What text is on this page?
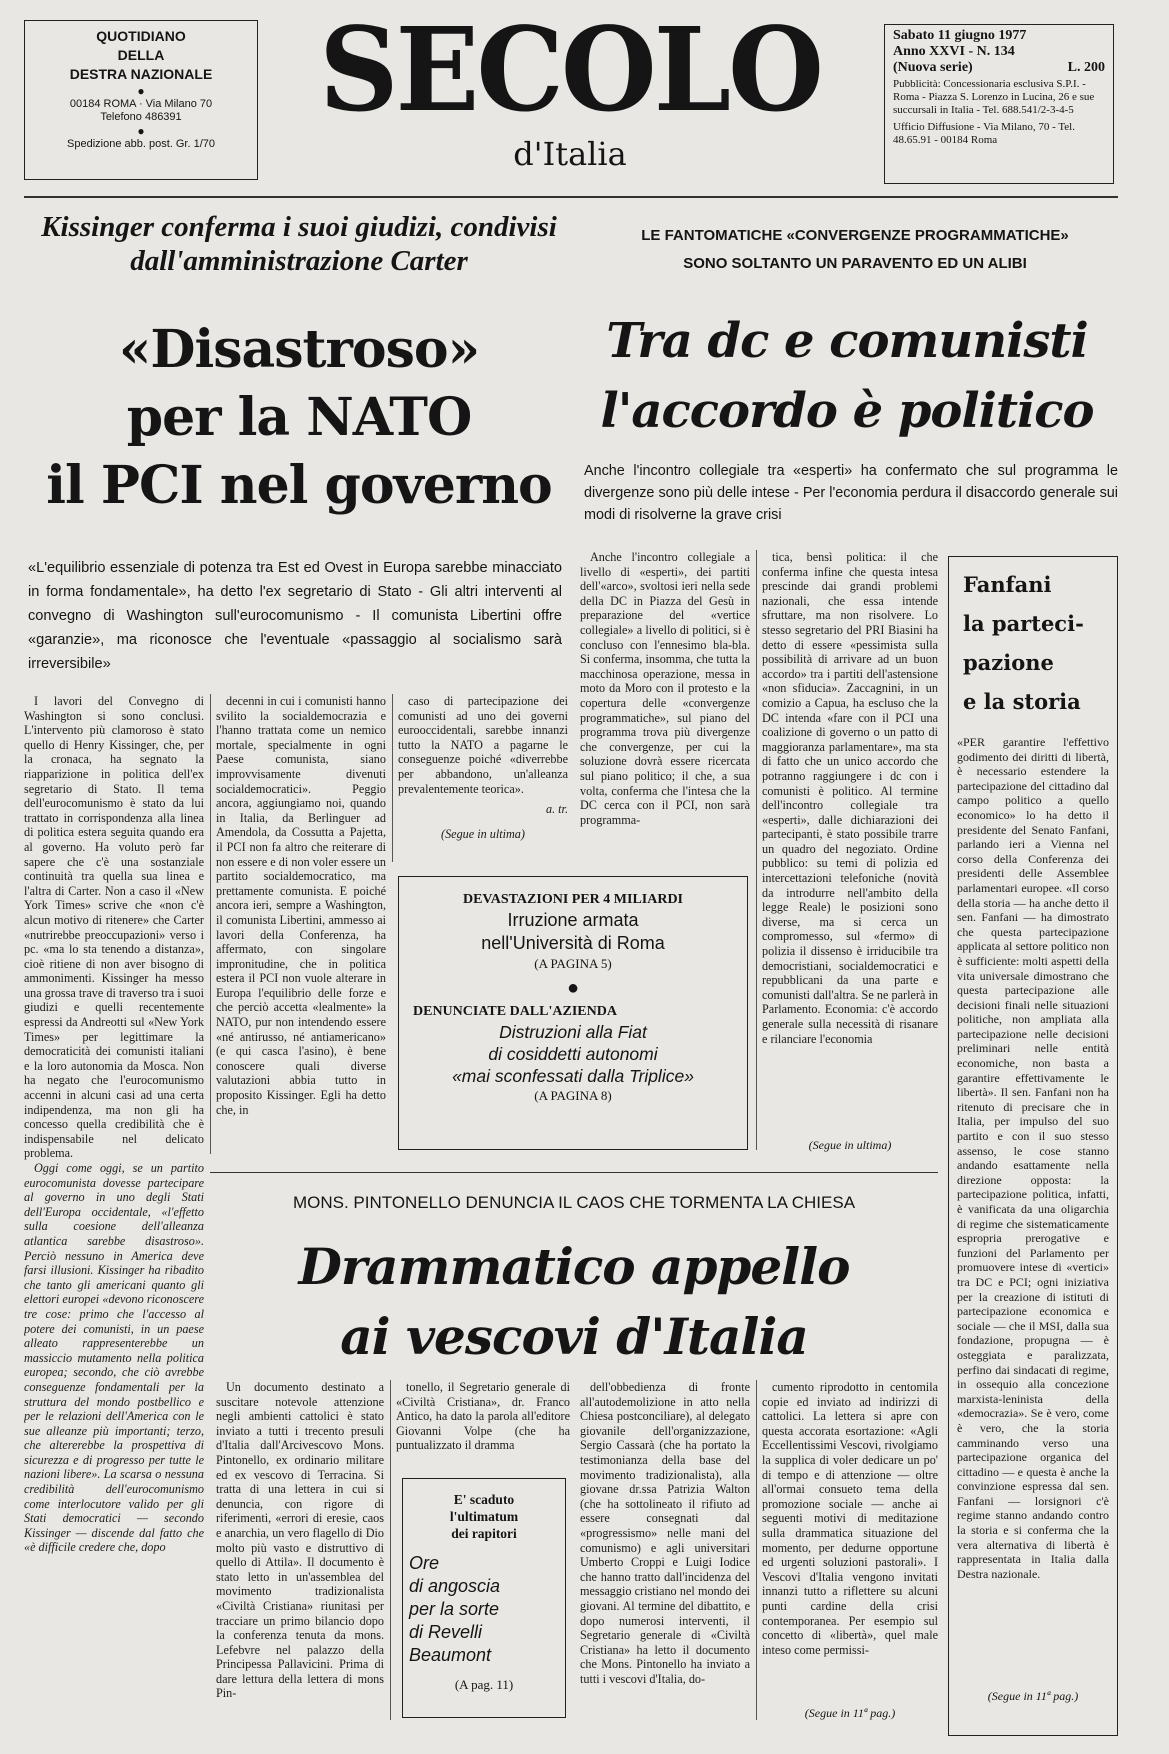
QUOTIDIANO
DELLA
DESTRA NAZIONALE
●
00184 ROMA · Via Milano 70
Telefono 486391
●
Spedizione abb. post. Gr. 1/70
SECOLO
d'Italia
Sabato 11 giugno 1977
Anno XXVI - N. 134
(Nuova serie)	L. 200
Pubblicità: Concessionaria esclusiva S.P.I. - Roma - Piazza S. Lorenzo in Lucina, 26 e sue succursali in Italia - Tel. 688.541/2-3-4-5
Ufficio Diffusione - Via Milano, 70 - Tel. 48.65.91 - 00184 Roma
Kissinger conferma i suoi giudizi, condivisi dall'amministrazione Carter
«Disastroso»
per la NATO
il PCI nel governo
«L'equilibrio essenziale di potenza tra Est ed Ovest in Europa sarebbe minacciato in forma fondamentale», ha detto l'ex segretario di Stato - Gli altri interventi al convegno di Washington sull'eurocomunismo - Il comunista Libertini offre «garanzie», ma riconosce che l'eventuale «passaggio al socialismo sarà irreversibile»

I lavori del Convegno di Washington si sono conclusi. L'intervento più clamoroso è stato quello di Henry Kissinger, che, per la cronaca, ha segnato la riapparizione in politica dell'ex segretario di Stato. Il tema dell'eurocomunismo è stato da lui trattato in corrispondenza alla linea di politica estera seguita quando era al governo. Ha voluto però far sapere che c'è una sostanziale continuità tra quella sua linea e l'altra di Carter. Non a caso il «New York Times» scrive che «non c'è alcun motivo di ritenere» che Carter «nutrirebbe preoccupazioni» verso i pc. «ma lo sta tenendo a distanza», cioè ritiene di non aver bisogno di ammonimenti. Kissinger ha messo una grossa trave di traverso tra i suoi giudizi e quelli recentemente espressi da Andreotti sul «New York Times» per legittimare la democraticità dei comunisti italiani e la loro autonomia da Mosca. Non ha negato che l'eurocomunismo accenni in alcuni casi ad una certa indipendenza, ma non gli ha concesso quella credibilità che è indispensabile nel delicato problema.

Oggi come oggi, se un partito eurocomunista dovesse partecipare al governo in uno degli Stati dell'Europa occidentale, «l'effetto sulla coesione dell'alleanza atlantica sarebbe disastroso». Perciò nessuno in America deve farsi illusioni. Kissinger ha ribadito che tanto gli americani quanto gli elettori europei «devono riconoscere tre cose: primo che l'accesso al potere dei comunisti, in un paese alleato rappresenterebbe un massiccio mutamento nella politica europea; secondo, che ciò avrebbe conseguenze fondamentali per la struttura del mondo postbellico e per le relazioni dell'America con le sue alleanze più importanti; terzo, che altererebbe la prospettiva di sicurezza e di progresso per tutte le nazioni libere». La scarsa o nessuna credibilità dell'eurocomunismo come interlocutore valido per gli Stati democratici — secondo Kissinger — discende dal fatto che «è difficile credere che, dopo

decenni in cui i comunisti hanno svilito la socialdemocrazia e l'hanno trattata come un nemico mortale, specialmente in ogni Paese comunista, siano improvvisamente divenuti socialdemocratici». Peggio ancora, aggiungiamo noi, quando in Italia, da Berlinguer ad Amendola, da Cossutta a Pajetta, il PCI non fa altro che reiterare di non essere e di non voler essere un partito socialdemocratico, ma prettamente comunista. E poiché ancora ieri, sempre a Washington, il comunista Libertini, ammesso ai lavori della Conferenza, ha affermato, con singolare impronitudine, che in politica estera il PCI non vuole alterare in Europa l'equilibrio delle forze e che perciò accetta «lealmente» la NATO, pur non intendendo essere «né antirusso, né antiamericano» (e qui casca l'asino), è bene conoscere quali diverse valutazioni abbia tutto in proposito Kissinger. Egli ha detto che, in

caso di partecipazione dei comunisti ad uno dei governi eurooccidentali, sarebbe innanzi tutto la NATO a pagarne le conseguenze poiché «diverrebbe per abbandono, un'alleanza prevalentemente teorica».

a. tr.
(Segue in ultima)
LE FANTOMATICHE «CONVERGENZE PROGRAMMATICHE»
SONO SOLTANTO UN PARAVENTO ED UN ALIBI
Tra dc e comunisti
l'accordo è politico
Anche l'incontro collegiale tra «esperti» ha confermato che sul programma le divergenze sono più delle intese - Per l'economia perdura il disaccordo generale sui modi di risolverne la grave crisi

Anche l'incontro collegiale a livello di «esperti», dei partiti dell'«arco», svoltosi ieri nella sede della DC in Piazza del Gesù in preparazione del «vertice collegiale» a livello di politici, si è concluso con l'ennesimo bla-bla. Si conferma, insomma, che tutta la macchinosa operazione, messa in moto da Moro con il protesto e la copertura delle «convergenze programmatiche», sul piano del programma trova più divergenze che convergenze, per cui la soluzione dovrà essere ricercata sul piano politico; il che, a sua volta, conferma che l'intesa che la DC cerca con il PCI, non sarà programma-

tica, bensì politica: il che conferma infine che questa intesa prescinde dai grandi problemi nazionali, che essa intende sfruttare, ma non risolvere. Lo stesso segretario del PRI Biasini ha detto di essere «pessimista sulla possibilità di arrivare ad un buon accordo» tra i partiti dell'astensione «non sfiducia». Zaccagnini, in un comizio a Capua, ha escluso che la DC intenda «fare con il PCI una coalizione di governo o un patto di maggioranza parlamentare», ma sta di fatto che un unico accordo che potranno raggiungere i dc con i comunisti è politico. Al termine dell'incontro collegiale tra «esperti», dalle dichiarazioni dei partecipanti, è stato possibile trarre un quadro del negoziato. Ordine pubblico: su temi di polizia ed intercettazioni telefoniche (novità da introdurre nell'ambito della legge Reale) le posizioni sono diverse, ma si cerca un compromesso, sul «fermo» di polizia il dissenso è irriducibile tra democristiani, socialdemocratici e repubblicani da una parte e comunisti dall'altra. Se ne parlerà in Parlamento. Economia: c'è accordo generale sulla necessità di risanare e rilanciare l'economia

(Segue in ultima)
DEVASTAZIONI PER 4 MILIARDI
Irruzione armata
nell'Università di Roma
(A PAGINA 5)
●
DENUNCIATE DALL'AZIENDA
Distruzioni alla Fiat
di cosiddetti autonomi
«mai sconfessati dalla Triplice»
(A PAGINA 8)
Fanfani
la parteci-
pazione
e la storia
«PER garantire l'effettivo godimento dei diritti di libertà, è necessario estendere la partecipazione del cittadino dal campo politico a quello economico» lo ha detto il presidente del Senato Fanfani, parlando ieri a Vienna nel corso della Conferenza dei presidenti delle Assemblee parlamentari europee. «Il corso della storia — ha anche detto il sen. Fanfani — ha dimostrato che questa partecipazione applicata al settore politico non è sufficiente: molti aspetti della vita universale dimostrano che questa partecipazione alle decisioni finali nelle situazioni politiche, non ampliata alla partecipazione nelle decisioni preliminari nelle entità economiche, non basta a garantire effettivamente le libertà». Il sen. Fanfani non ha ritenuto di precisare che in Italia, per impulso del suo partito e con il suo stesso assenso, le cose stanno andando esattamente nella direzione opposta: la partecipazione politica, infatti, è vanificata da una oligarchia di regime che sistematicamente espropria prerogative e funzioni del Parlamento per promuovere intese di «vertici» tra DC e PCI; ogni iniziativa per la creazione di istituti di partecipazione economica e sociale — che il MSI, dalla sua fondazione, propugna — è osteggiata e paralizzata, perfino dai sindacati di regime, in ossequio alla concezione marxista-leninista della «democrazia». Se è vero, come è vero, che la storia camminando verso una partecipazione organica del cittadino — e questa è anche la convinzione espressa dal sen. Fanfani — lorsignori c'è regime stanno andando contro la storia e si conferma che la vera alternativa di libertà è rappresentata in Italia dalla Destra nazionale.
(Segue in 11ª pag.)
MONS. PINTONELLO DENUNCIA IL CAOS CHE TORMENTA LA CHIESA
Drammatico appello
ai vescovi d'Italia

Un documento destinato a suscitare notevole attenzione negli ambienti cattolici è stato inviato a tutti i trecento presuli d'Italia dall'Arcivescovo Mons. Pintonello, ex ordinario militare ed ex vescovo di Terracina. Si tratta di una lettera in cui si denuncia, con rigore di riferimenti, «errori di eresie, caos e anarchia, un vero flagello di Dio molto più vasto e distruttivo di quello di Attila». Il documento è stato letto in un'assemblea del movimento tradizionalista «Civiltà Cristiana» riunitasi per tracciare un primo bilancio dopo la conferenza tenuta da mons. Lefebvre nel palazzo della Principessa Pallavicini. Prima di dare lettura della lettera di mons Pin-

tonello, il Segretario generale di «Civiltà Cristiana», dr. Franco Antico, ha dato la parola all'editore Giovanni Volpe (che ha puntualizzato il dramma

E' scaduto
l'ultimatum
dei rapitori
Ore
di angoscia
per la sorte
di Revelli
Beaumont
(A pag. 11)

dell'obbedienza di fronte all'autodemolizione in atto nella Chiesa postconciliare), al delegato giovanile dell'organizzazione, Sergio Cassarà (che ha portato la testimonianza della base del movimento tradizionalista), alla giovane dr.ssa Patrizia Walton (che ha sottolineato il rifiuto ad essere consegnati dal «progressismo» nelle mani del comunismo) e agli universitari Umberto Croppi e Luigi Iodice che hanno tratto dall'incidenza del messaggio cristiano nel mondo dei giovani. Al termine del dibattito, e dopo numerosi interventi, il Segretario generale di «Civiltà Cristiana» ha letto il documento che Mons. Pintonello ha inviato a tutti i vescovi d'Italia, do-

cumento riprodotto in centomila copie ed inviato ad indirizzi di cattolici. La lettera si apre con questa accorata esortazione: «Agli Eccellentissimi Vescovi, rivolgiamo la supplica di voler dedicare un po' di tempo e di attenzione — oltre all'ormai consueto tema della promozione sociale — anche ai seguenti motivi di meditazione sulla drammatica situazione del momento, per dedurne opportune ed urgenti soluzioni pastorali». I Vescovi d'Italia vengono invitati innanzi tutto a riflettere su alcuni punti cardine della crisi contemporanea. Per esempio sul concetto di «libertà», quel male inteso come permissi-

(Segue in 11ª pag.)
